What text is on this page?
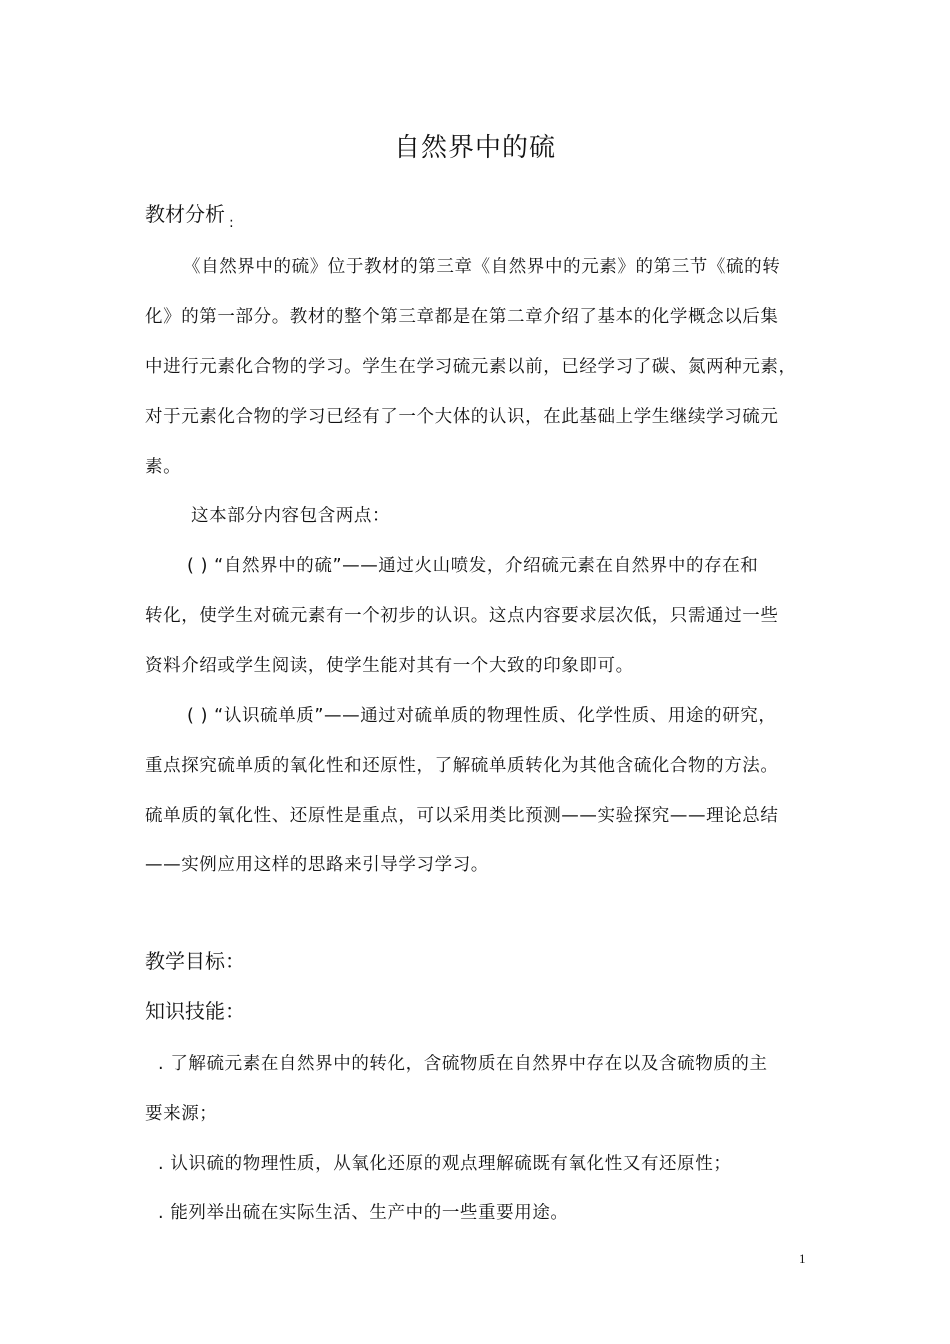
自然界中的硫
教材分析 $_:$
《自然界中的硫》位于教材的第三章《自然界中的元素》的第三节《硫的转
化》的第一部分。教材的整个第三章都是在第二章介绍了基本的化学概念以后集
中进行元素化合物的学习。学生在学习硫元素以前，已经学习了碳、氮两种元素，
对于元素化合物的学习已经有了一个大体的认识，在此基础上学生继续学习硫元
素。
这本部分内容包含两点：
( ) “自然界中的硫”——通过火山喷发，介绍硫元素在自然界中的存在和
转化，使学生对硫元素有一个初步的认识。这点内容要求层次低，只需通过一些
资料介绍或学生阅读，使学生能对其有一个大致的印象即可。
( ) “认识硫单质”——通过对硫单质的物理性质、化学性质、用途的研究，
重点探究硫单质的氧化性和还原性，了解硫单质转化为其他含硫化合物的方法。
硫单质的氧化性、还原性是重点，可以采用类比预测——实验探究——理论总结
——实例应用这样的思路来引导学习学习。
教学目标：
知识技能：
. 了解硫元素在自然界中的转化，含硫物质在自然界中存在以及含硫物质的主
要来源；
. 认识硫的物理性质，从氧化还原的观点理解硫既有氧化性又有还原性；
. 能列举出硫在实际生活、生产中的一些重要用途。
1
